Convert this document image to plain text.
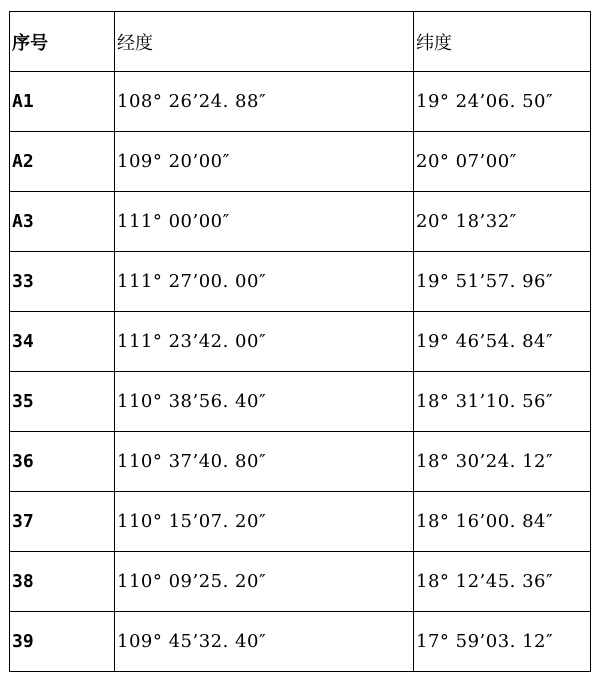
序号	经度	纬度
A1	108° 26’24. 88″	19° 24’06. 50″
A2	109° 20’00″	20° 07’00″
A3	111° 00’00″	20° 18’32″
33	111° 27’00. 00″	19° 51’57. 96″
34	111° 23’42. 00″	19° 46’54. 84″
35	110° 38’56. 40″	18° 31’10. 56″
36	110° 37’40. 80″	18° 30’24. 12″
37	110° 15’07. 20″	18° 16’00. 84″
38	110° 09’25. 20″	18° 12’45. 36″
39	109° 45’32. 40″	17° 59’03. 12″
